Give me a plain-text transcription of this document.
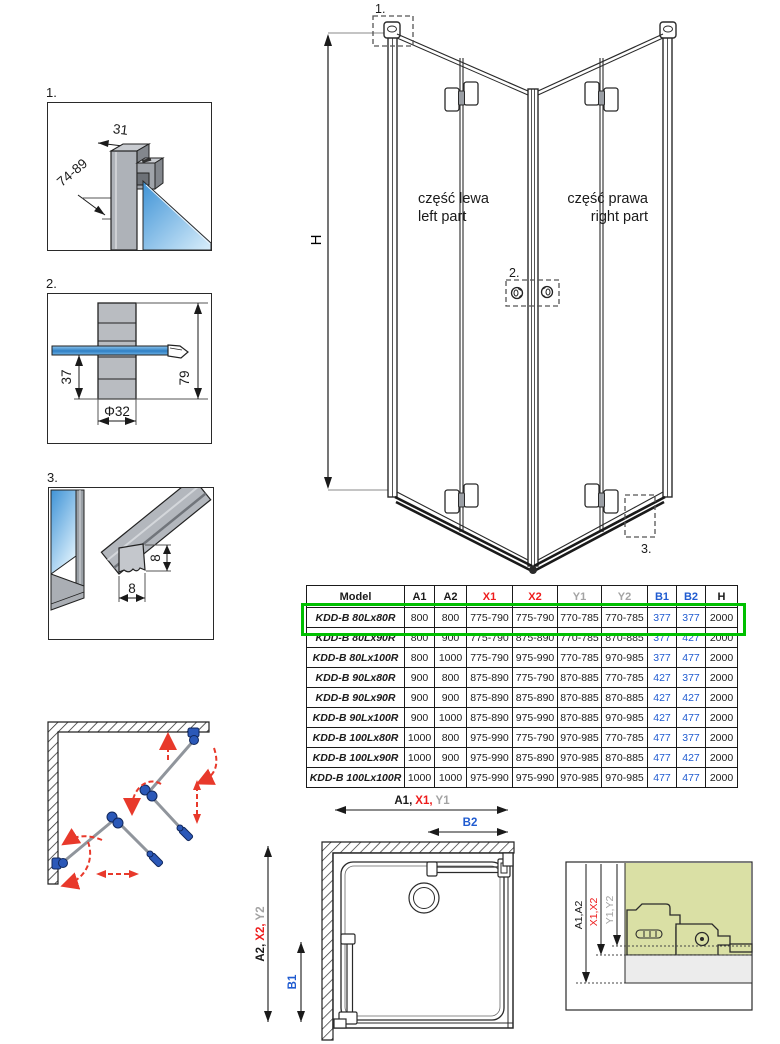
1.
31
74-89
2.
37	79
Φ32
3.
8
8
H
1.
2.
3.
część lewa
left part
część prawa
right part
Model	A1	A2	X1	X2	Y1	Y2	B1	B2	H
KDD-B 80Lx80R	800	800	775-790	775-790	770-785	770-785	377	377	2000
KDD-B 80Lx90R	800	900	775-790	875-890	770-785	870-885	377	427	2000
KDD-B 80Lx100R	800	1000	775-790	975-990	770-785	970-985	377	477	2000
KDD-B 90Lx80R	900	800	875-890	775-790	870-885	770-785	427	377	2000
KDD-B 90Lx90R	900	900	875-890	875-890	870-885	870-885	427	427	2000
KDD-B 90Lx100R	900	1000	875-890	975-990	870-885	970-985	427	477	2000
KDD-B 100Lx80R	1000	800	975-990	775-790	970-985	770-785	477	377	2000
KDD-B 100Lx90R	1000	900	975-990	875-890	970-985	870-885	477	427	2000
KDD-B 100Lx100R	1000	1000	975-990	975-990	970-985	970-985	477	477	2000
A1, X1, Y1
B2
A2,X2,Y2
B1
A1,A2 X1,X2 Y1,Y2
